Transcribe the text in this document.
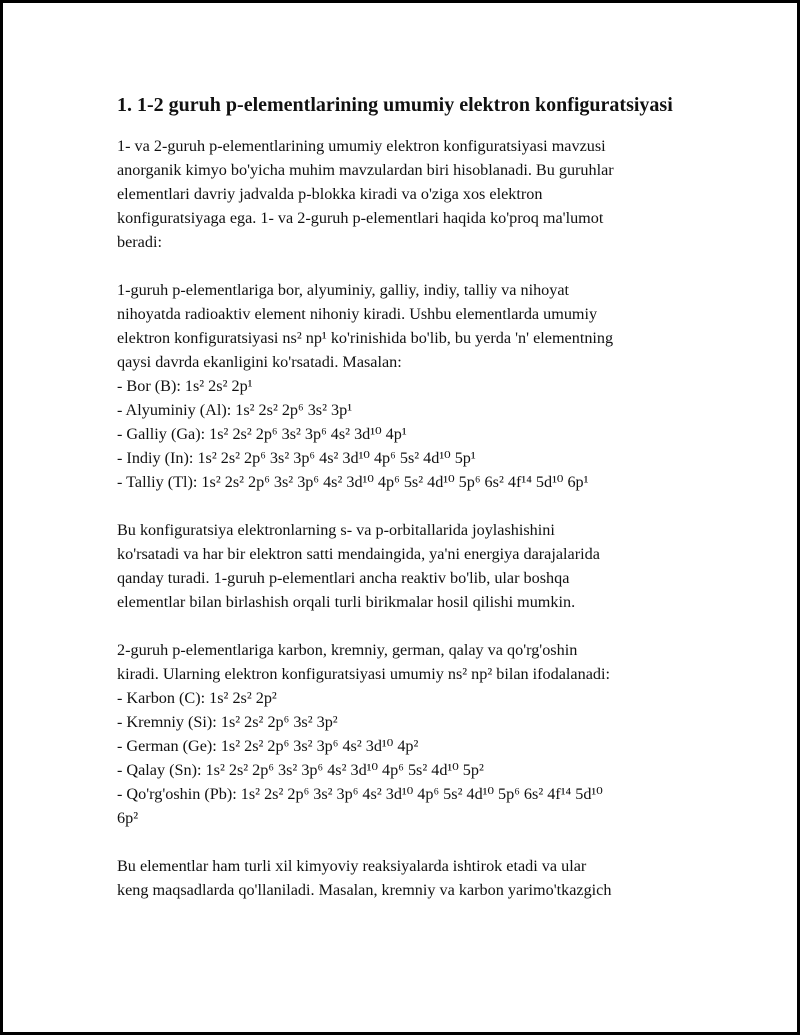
1. 1-2 guruh p-elementlarining umumiy elektron konfiguratsiyasi

1- va 2-guruh p-elementlarining umumiy elektron konfiguratsiyasi mavzusi
anorganik kimyo bo'yicha muhim mavzulardan biri hisoblanadi. Bu guruhlar
elementlari davriy jadvalda p-blokka kiradi va o'ziga xos elektron
konfiguratsiyaga ega. 1- va 2-guruh p-elementlari haqida ko'proq ma'lumot
beradi:

1-guruh p-elementlariga bor, alyuminiy, galliy, indiy, talliy va nihoyat
nihoyatda radioaktiv element nihoniy kiradi. Ushbu elementlarda umumiy
elektron konfiguratsiyasi ns² np¹ ko'rinishida bo'lib, bu yerda 'n' elementning
qaysi davrda ekanligini ko'rsatadi. Masalan:
- Bor (B): 1s² 2s² 2p¹
- Alyuminiy (Al): 1s² 2s² 2p⁶ 3s² 3p¹
- Galliy (Ga): 1s² 2s² 2p⁶ 3s² 3p⁶ 4s² 3d¹⁰ 4p¹
- Indiy (In): 1s² 2s² 2p⁶ 3s² 3p⁶ 4s² 3d¹⁰ 4p⁶ 5s² 4d¹⁰ 5p¹
- Talliy (Tl): 1s² 2s² 2p⁶ 3s² 3p⁶ 4s² 3d¹⁰ 4p⁶ 5s² 4d¹⁰ 5p⁶ 6s² 4f¹⁴ 5d¹⁰ 6p¹

Bu konfiguratsiya elektronlarning s- va p-orbitallarida joylashishini
ko'rsatadi va har bir elektron satti mendaingida, ya'ni energiya darajalarida
qanday turadi. 1-guruh p-elementlari ancha reaktiv bo'lib, ular boshqa
elementlar bilan birlashish orqali turli birikmalar hosil qilishi mumkin.

2-guruh p-elementlariga karbon, kremniy, german, qalay va qo'rg'oshin
kiradi. Ularning elektron konfiguratsiyasi umumiy ns² np² bilan ifodalanadi:
- Karbon (C): 1s² 2s² 2p²
- Kremniy (Si): 1s² 2s² 2p⁶ 3s² 3p²
- German (Ge): 1s² 2s² 2p⁶ 3s² 3p⁶ 4s² 3d¹⁰ 4p²
- Qalay (Sn): 1s² 2s² 2p⁶ 3s² 3p⁶ 4s² 3d¹⁰ 4p⁶ 5s² 4d¹⁰ 5p²
- Qo'rg'oshin (Pb): 1s² 2s² 2p⁶ 3s² 3p⁶ 4s² 3d¹⁰ 4p⁶ 5s² 4d¹⁰ 5p⁶ 6s² 4f¹⁴ 5d¹⁰
6p²

Bu elementlar ham turli xil kimyoviy reaksiyalarda ishtirok etadi va ular
keng maqsadlarda qo'llaniladi. Masalan, kremniy va karbon yarimo'tkazgich
